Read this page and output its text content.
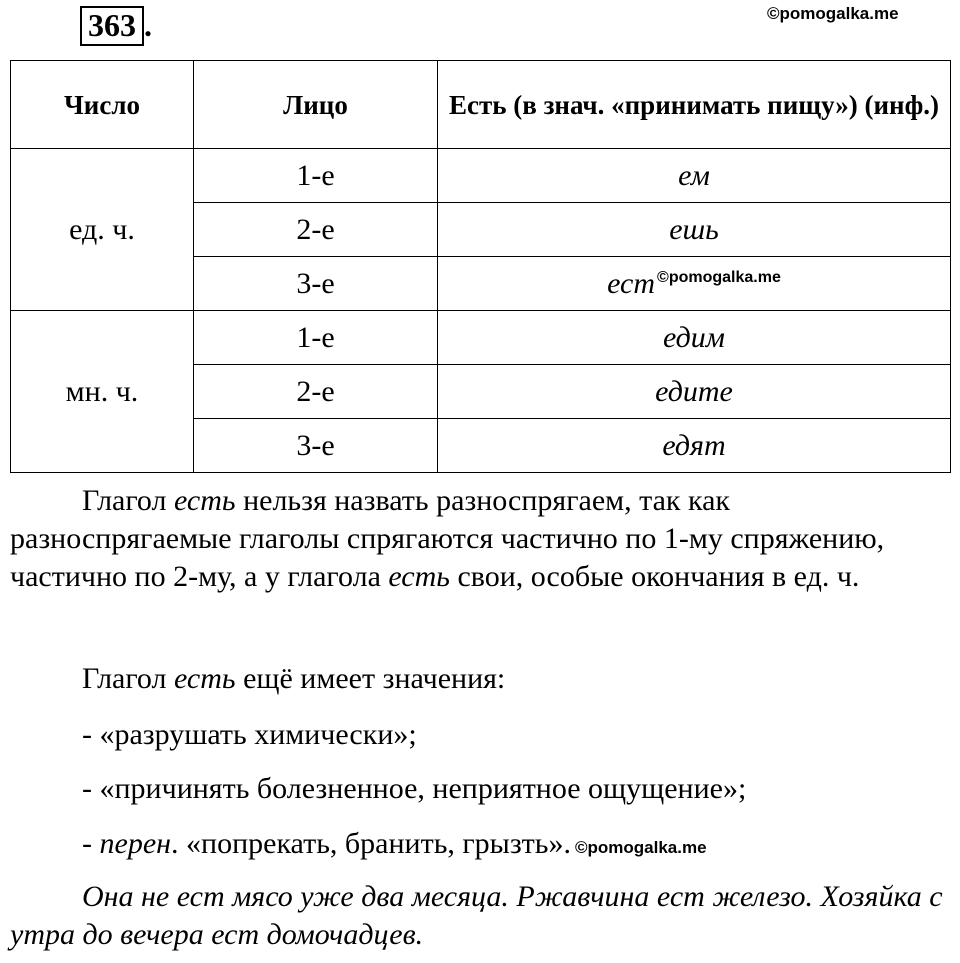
363 .	©pomogalka.me
Число	Лицо	Есть (в знач. «принимать пищу») (инф.)
ед. ч.	1-е	ем
	2-е	ешь
	3-е	ест $^{©pomogalka.me}$
мн. ч.	1-е	едим
	2-е	едите
	3-е	едят
Глагол есть нельзя назвать разноспрягаем, так как разноспрягаемые глаголы спрягаются частично по 1-му спряжению, частично по 2-му, а у глагола есть свои, особые окончания в ед. ч.
Глагол есть ещё имеет значения:
- «разрушать химически»;
- «причинять болезненное, неприятное ощущение»;
- перен. «попрекать, бранить, грызть». ©pomogalka.me
Она не ест мясо уже два месяца. Ржавчина ест железо. Хозяйка с утра до вечера ест домочадцев.
